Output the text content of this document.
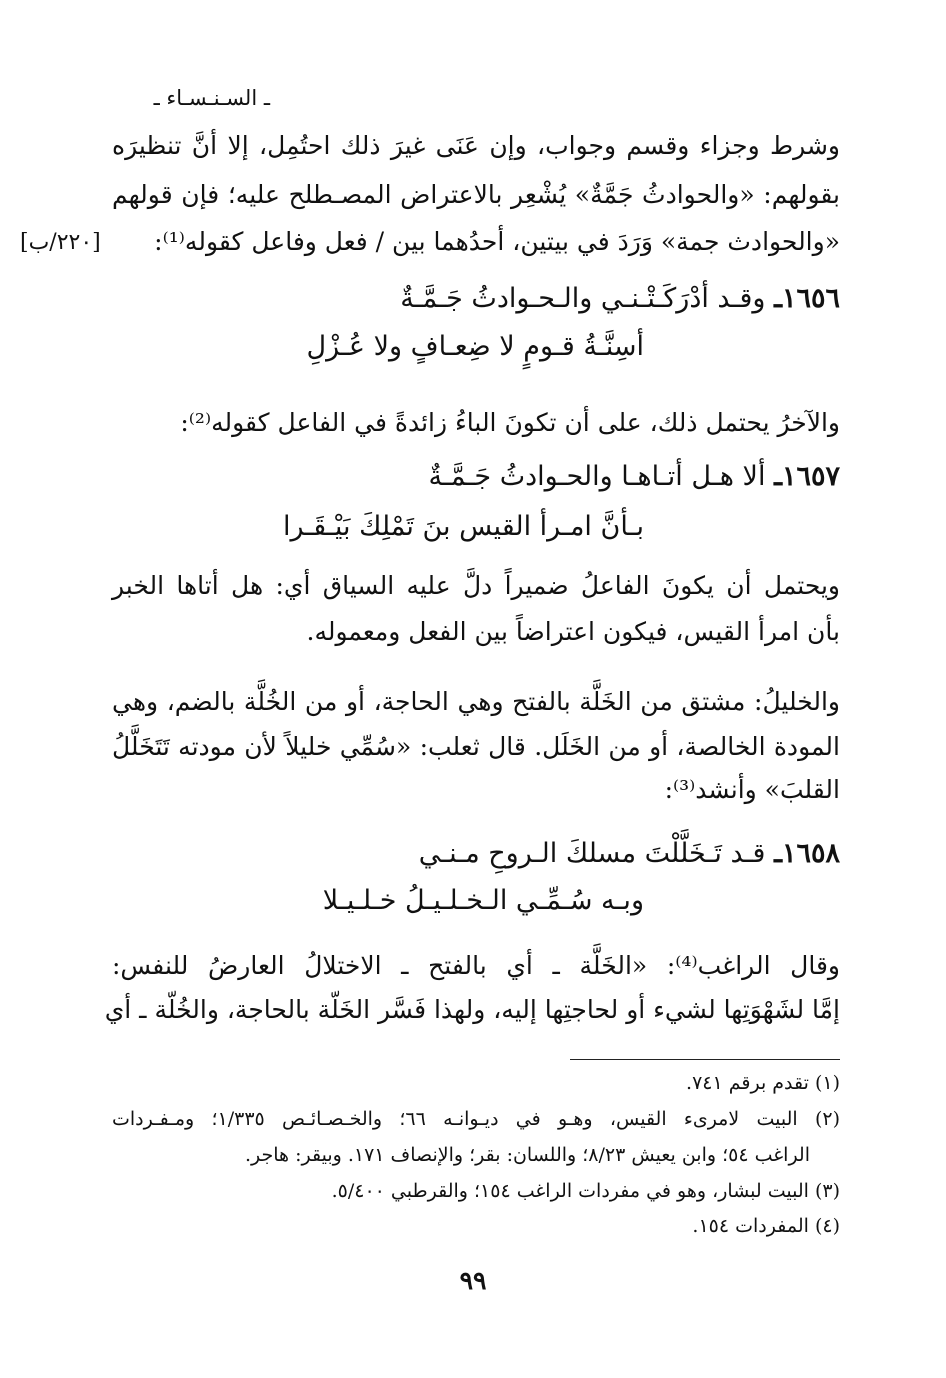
ـ السـنـسـاء ـ
[٢٢٠/ب]
وشرط وجزاء وقسم وجواب، وإن عَنَى غيرَ ذلك احتُمِل، إلا أنَّ تنظيرَه
بقولهم: «والحوادثُ جَمَّةٌ» يُشْعِر بالاعتراض المصـطلح عليه؛ فإن قولهم
«والحوادث جمة» وَرَدَ في بيتين، أحدُهما بين / فعل وفاعل كقوله⁽¹⁾:
١٦٥٦ـ وقـد أدْرَكَـتْـنـي والـحـوادثُ جَـمَّـةٌ
أسِنَّـةُ قـومٍ لا ضِعـافٍ ولا عُـزْلِ
والآخرُ يحتمل ذلك، على أن تكونَ الباءُ زائدةً في الفاعل كقوله⁽²⁾:
١٦٥٧ـ ألا هـل أتـاهـا والحـوادثُ جَـمَّـةٌ
بـأنَّ امـرأ القيس بنَ تَمْلِكَ بَيْـقَـرا
ويحتمل أن يكونَ الفاعلُ ضميراً دلَّ عليه السياق أي: هل أتاها الخبر
بأن امرأ القيس، فيكون اعتراضاً بين الفعل ومعموله.
والخليلُ: مشتق من الخَلَّة بالفتح وهي الحاجة، أو من الخُلَّة بالضم، وهي
المودة الخالصة، أو من الخَلَل. قال ثعلب: «سُمِّي خليلاً لأن مودته تَتَخَلَّلُ
القلبَ» وأنشد⁽³⁾:
١٦٥٨ـ قـد تَـخَلَّلْتَ مسلكَ الـروحِ مـنـي
وبـه سُـمِّـي الـخـلـيـلُ خـلـيـلا
وقال الراغب⁽⁴⁾: «الخَلَّة ـ أي بالفتح ـ الاختلالُ العارضُ للنفس:
إمَّا لشَهْوَتِها لشيء أو لحاجتِها إليه، ولهذا فَسَّر الخَلّة بالحاجة، والخُلّة ـ أي
(١) تقدم برقم ٧٤١.
(٢) البيت لامرىء القيس، وهـو في ديـوانـه ٦٦؛ والخـصـائـص ١/٣٣٥؛ ومـفـردات
الراغب ٥٤؛ وابن يعيش ٨/٢٣؛ واللسان: بقر؛ والإنصاف ١٧١. وبيقر: هاجر.
(٣) البيت لبشار، وهو في مفردات الراغب ١٥٤؛ والقرطبي ٥/٤٠٠.
(٤) المفردات ١٥٤.
٩٩
